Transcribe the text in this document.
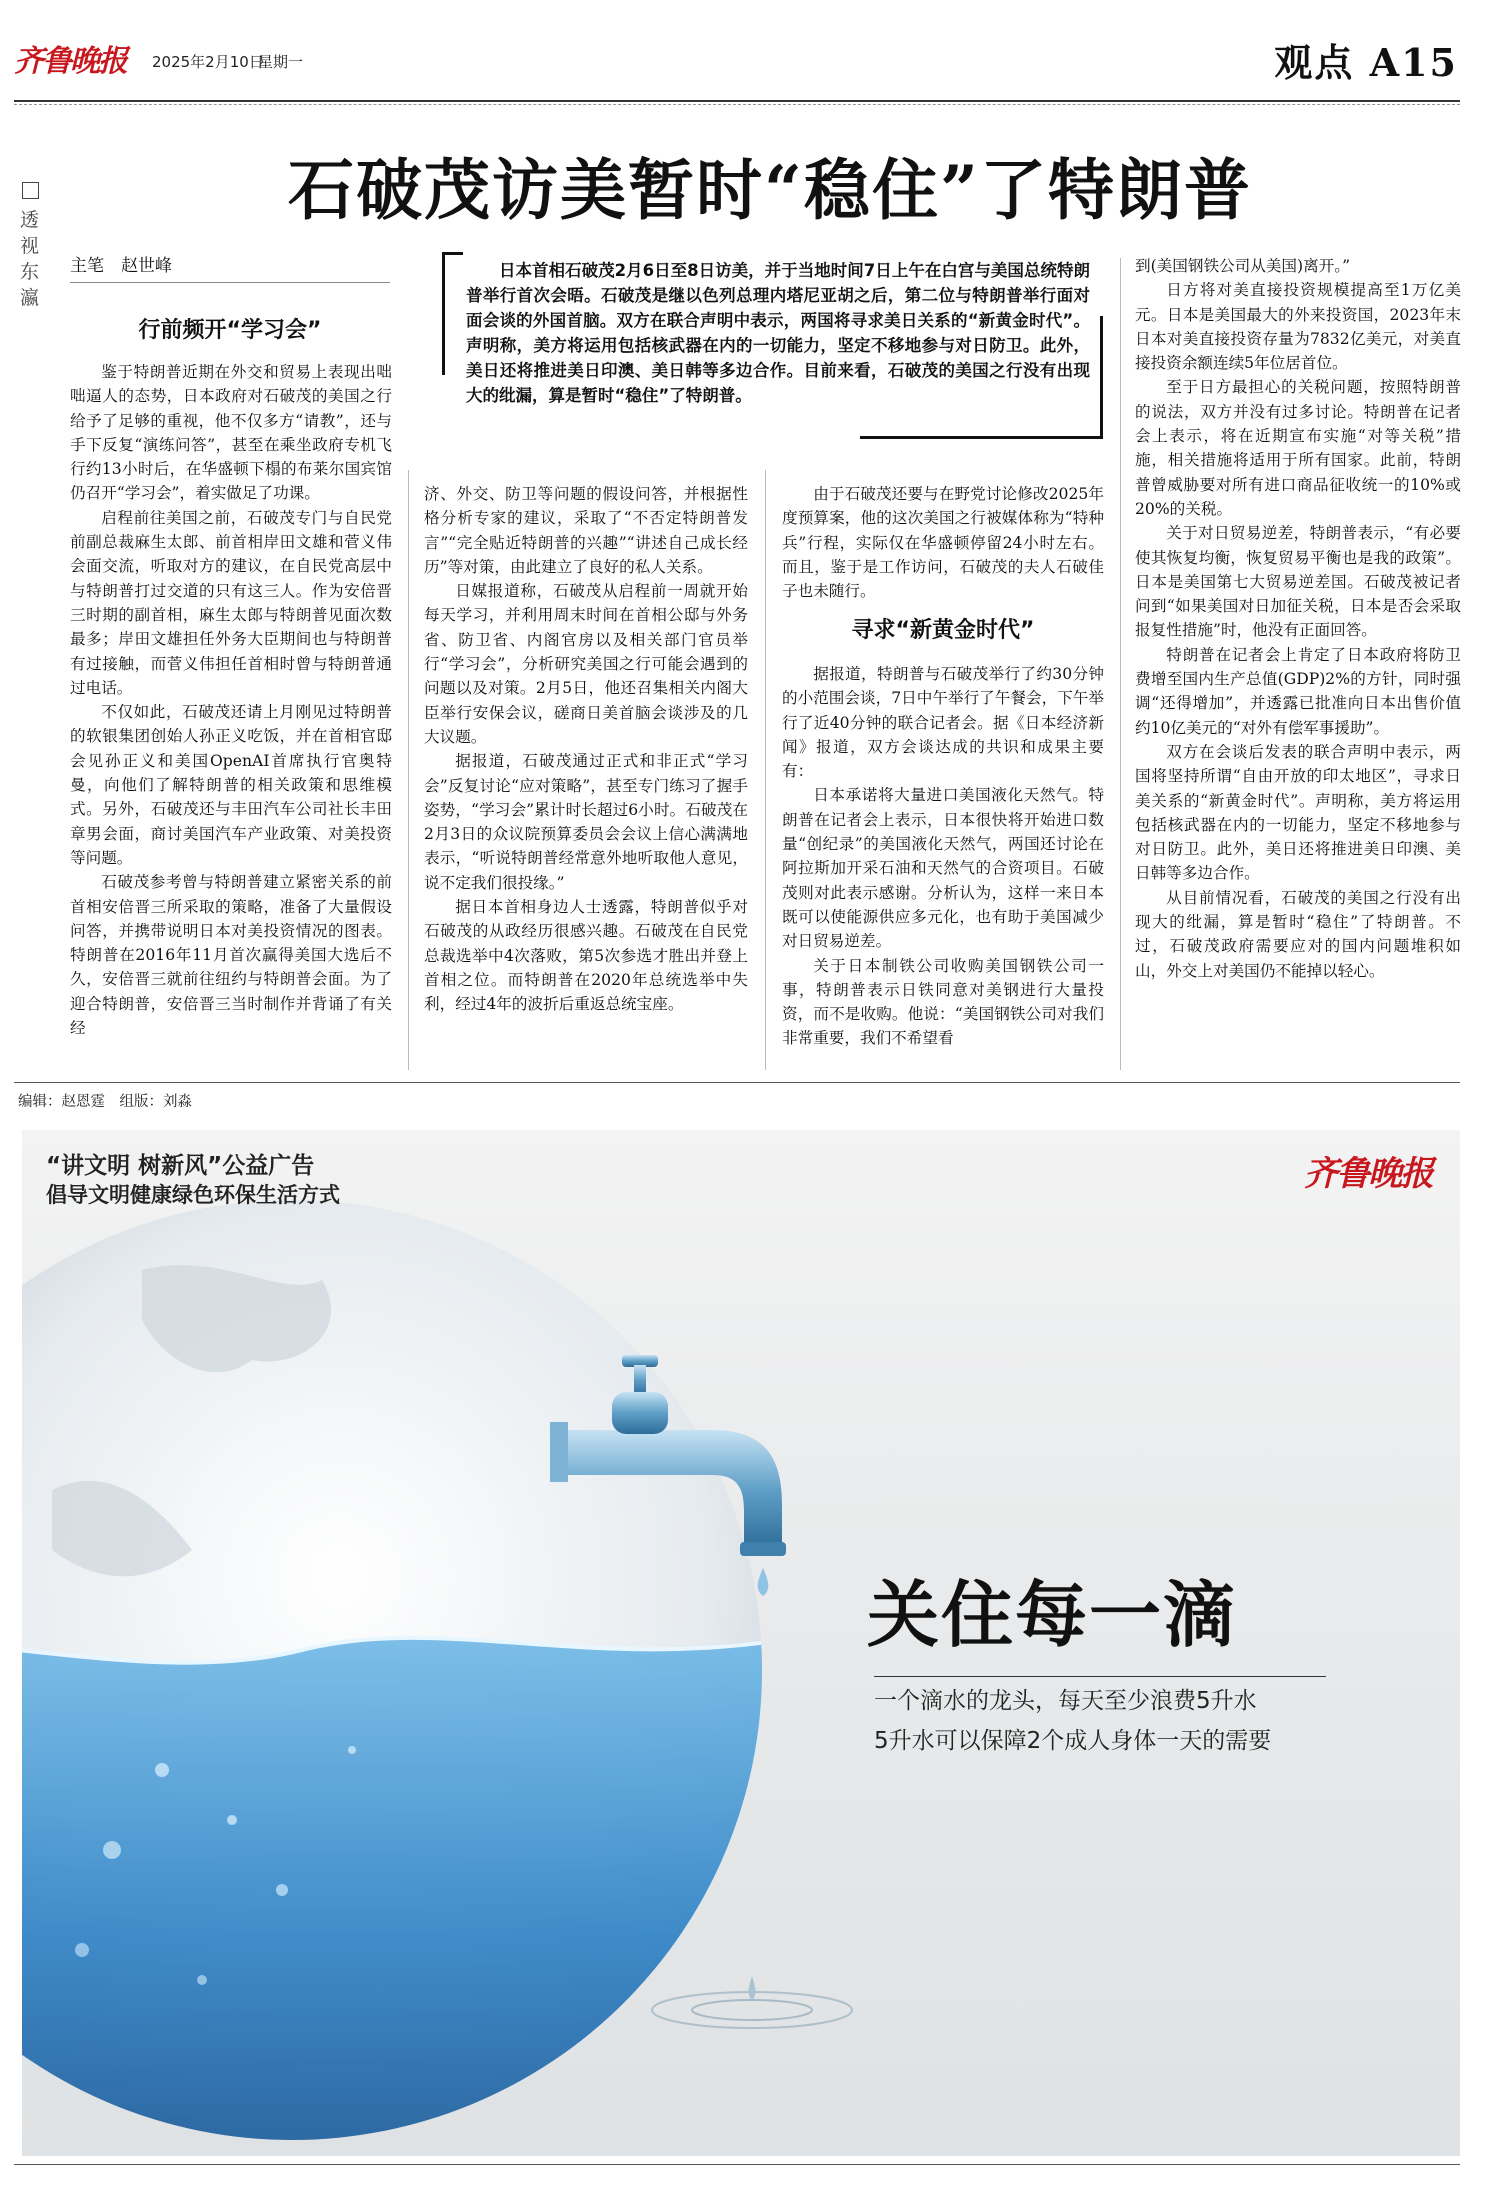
齐鲁晚报	2025年2月10日
星期一	观点 A15
透视东瀛
石破茂访美暂时“稳住”了特朗普
主笔　赵世峰	日本首相石破茂2月6日至8日访美，并于当地时间7日上午在白宫与美国总统特朗普举行首次会晤。石破茂是继以色列总理内塔尼亚胡之后，第二位与特朗普举行面对面会谈的外国首脑。双方在联合声明中表示，两国将寻求美日关系的“新黄金时代”。声明称，美方将运用包括核武器在内的一切能力，坚定不移地参与对日防卫。此外，美日还将推进美日印澳、美日韩等多边合作。目前来看，石破茂的美国之行没有出现大的纰漏，算是暂时“稳住”了特朗普。

行前频开“学习会”

鉴于特朗普近期在外交和贸易上表现出咄咄逼人的态势，日本政府对石破茂的美国之行给予了足够的重视，他不仅多方“请教”，还与手下反复“演练问答”，甚至在乘坐政府专机飞行约13小时后，在华盛顿下榻的布莱尔国宾馆仍召开“学习会”，着实做足了功课。

启程前往美国之前，石破茂专门与自民党前副总裁麻生太郎、前首相岸田文雄和菅义伟会面交流，听取对方的建议，在自民党高层中与特朗普打过交道的只有这三人。作为安倍晋三时期的副首相，麻生太郎与特朗普见面次数最多；岸田文雄担任外务大臣期间也与特朗普有过接触，而菅义伟担任首相时曾与特朗普通过电话。

不仅如此，石破茂还请上月刚见过特朗普的软银集团创始人孙正义吃饭，并在首相官邸会见孙正义和美国OpenAI首席执行官奥特曼，向他们了解特朗普的相关政策和思维模式。另外，石破茂还与丰田汽车公司社长丰田章男会面，商讨美国汽车产业政策、对美投资等问题。

石破茂参考曾与特朗普建立紧密关系的前首相安倍晋三所采取的策略，准备了大量假设问答，并携带说明日本对美投资情况的图表。特朗普在2016年11月首次赢得美国大选后不久，安倍晋三就前往纽约与特朗普会面。为了迎合特朗普，安倍晋三当时制作并背诵了有关经

济、外交、防卫等问题的假设问答，并根据性格分析专家的建议，采取了“不否定特朗普发言”“完全贴近特朗普的兴趣”“讲述自己成长经历”等对策，由此建立了良好的私人关系。

日媒报道称，石破茂从启程前一周就开始每天学习，并利用周末时间在首相公邸与外务省、防卫省、内阁官房以及相关部门官员举行“学习会”，分析研究美国之行可能会遇到的问题以及对策。2月5日，他还召集相关内阁大臣举行安保会议，磋商日美首脑会谈涉及的几大议题。

据报道，石破茂通过正式和非正式“学习会”反复讨论“应对策略”，甚至专门练习了握手姿势，“学习会”累计时长超过6小时。石破茂在2月3日的众议院预算委员会会议上信心满满地表示，“听说特朗普经常意外地听取他人意见，说不定我们很投缘。”

据日本首相身边人士透露，特朗普似乎对石破茂的从政经历很感兴趣。石破茂在自民党总裁选举中4次落败，第5次参选才胜出并登上首相之位。而特朗普在2020年总统选举中失利，经过4年的波折后重返总统宝座。

由于石破茂还要与在野党讨论修改2025年度预算案，他的这次美国之行被媒体称为“特种兵”行程，实际仅在华盛顿停留24小时左右。而且，鉴于是工作访问，石破茂的夫人石破佳子也未随行。

寻求“新黄金时代”

据报道，特朗普与石破茂举行了约30分钟的小范围会谈，7日中午举行了午餐会，下午举行了近40分钟的联合记者会。据《日本经济新闻》报道，双方会谈达成的共识和成果主要有：

日本承诺将大量进口美国液化天然气。特朗普在记者会上表示，日本很快将开始进口数量“创纪录”的美国液化天然气，两国还讨论在阿拉斯加开采石油和天然气的合资项目。石破茂则对此表示感谢。分析认为，这样一来日本既可以使能源供应多元化，也有助于美国减少对日贸易逆差。

关于日本制铁公司收购美国钢铁公司一事，特朗普表示日铁同意对美钢进行大量投资，而不是收购。他说：“美国钢铁公司对我们非常重要，我们不希望看

到(美国钢铁公司从美国)离开。”

日方将对美直接投资规模提高至1万亿美元。日本是美国最大的外来投资国，2023年末日本对美直接投资存量为7832亿美元，对美直接投资余额连续5年位居首位。

至于日方最担心的关税问题，按照特朗普的说法，双方并没有过多讨论。特朗普在记者会上表示，将在近期宣布实施“对等关税”措施，相关措施将适用于所有国家。此前，特朗普曾威胁要对所有进口商品征收统一的10%或20%的关税。

关于对日贸易逆差，特朗普表示，“有必要使其恢复均衡，恢复贸易平衡也是我的政策”。日本是美国第七大贸易逆差国。石破茂被记者问到“如果美国对日加征关税，日本是否会采取报复性措施”时，他没有正面回答。

特朗普在记者会上肯定了日本政府将防卫费增至国内生产总值(GDP)2%的方针，同时强调“还得增加”，并透露已批准向日本出售价值约10亿美元的“对外有偿军事援助”。

双方在会谈后发表的联合声明中表示，两国将坚持所谓“自由开放的印太地区”，寻求日美关系的“新黄金时代”。声明称，美方将运用包括核武器在内的一切能力，坚定不移地参与对日防卫。此外，美日还将推进美日印澳、美日韩等多边合作。

从目前情况看，石破茂的美国之行没有出现大的纰漏，算是暂时“稳住”了特朗普。不过，石破茂政府需要应对的国内问题堆积如山，外交上对美国仍不能掉以轻心。

编辑：赵恩霆　组版：刘淼
“讲文明 树新风”公益广告
倡导文明健康绿色环保生活方式
齐鲁晚报
关住每一滴
一个滴水的龙头，每天至少浪费5升水
5升水可以保障2个成人身体一天的需要
